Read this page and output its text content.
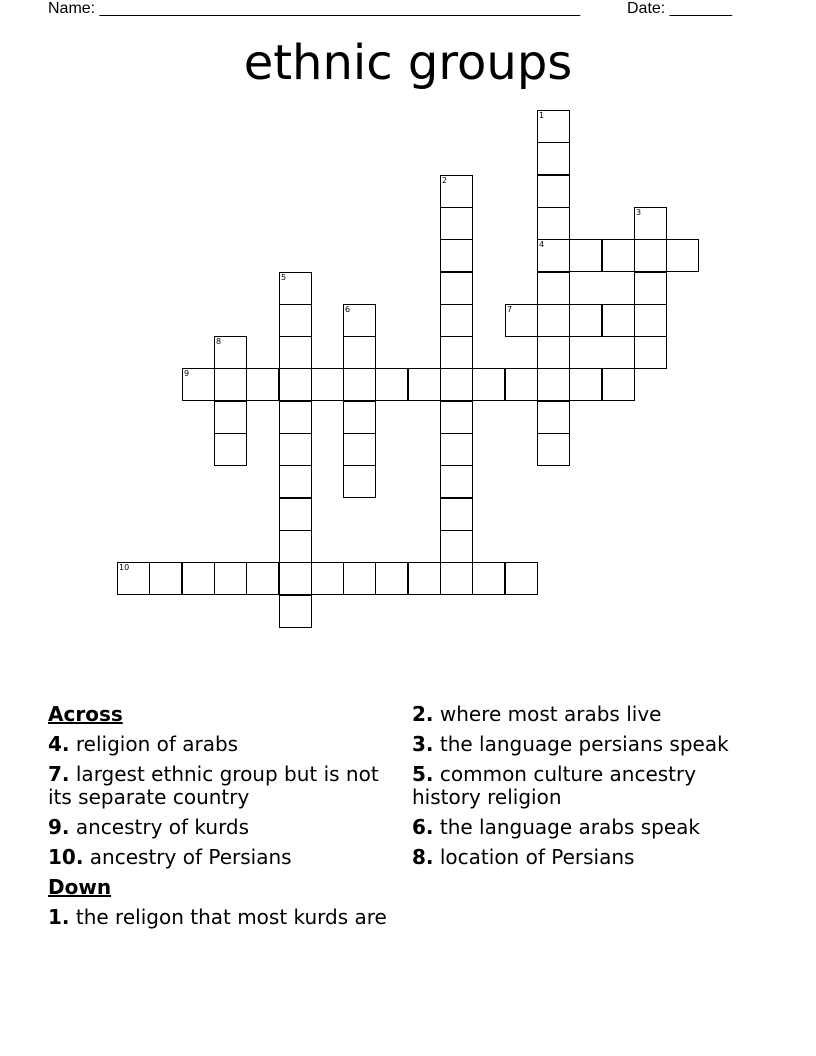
Name: ______________________________________________________	Date: _______
ethnic groups
1
4
2
3
5
6	7
8
9
10
Across
4. religion of arabs
7. largest ethnic group but is not its separate country
9. ancestry of kurds
10. ancestry of Persians
Down
1. the religon that most kurds are
2. where most arabs live
3. the language persians speak
5. common culture ancestry history religion
6. the language arabs speak
8. location of Persians
